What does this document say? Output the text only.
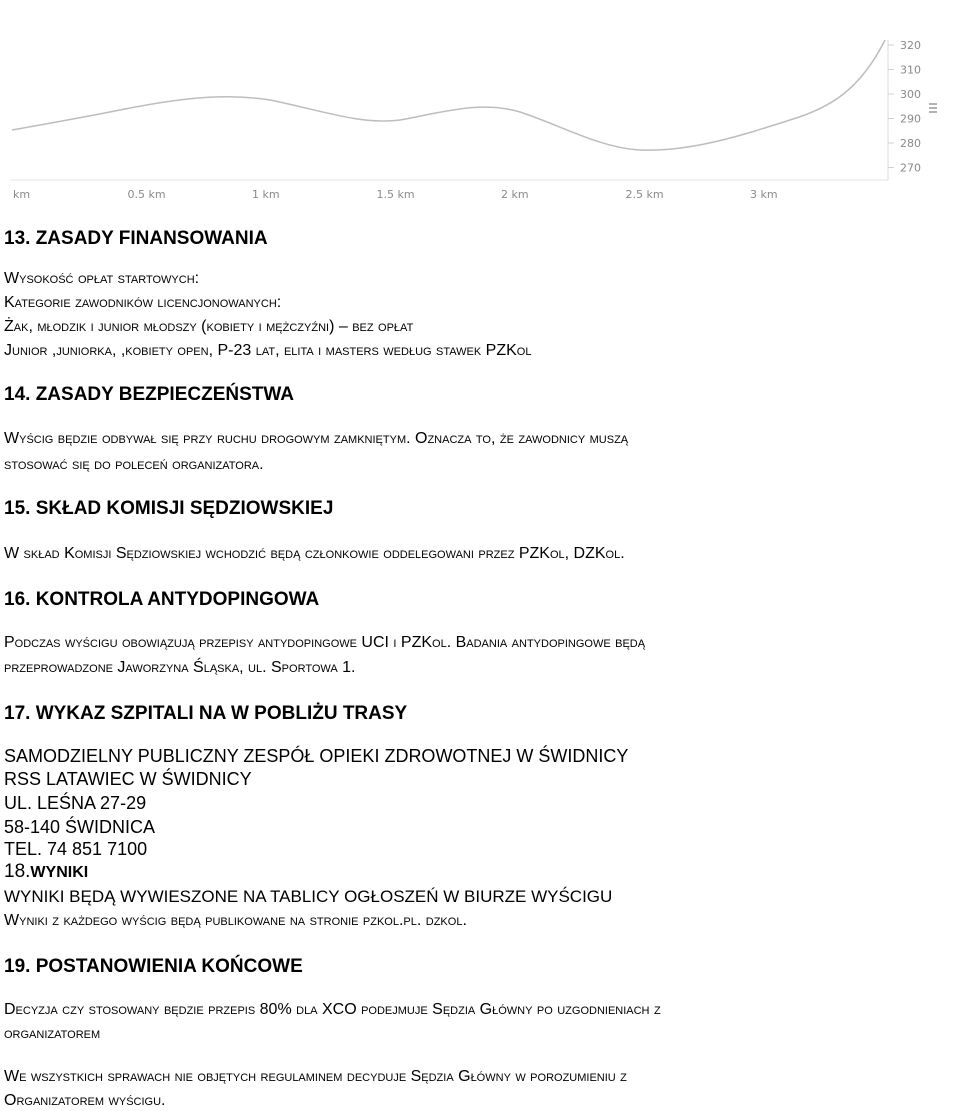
320
310
300
290
280
270
km	0.5 km	1 km	1.5 km	2 km	2.5 km	3 km
13. ZASADY FINANSOWANIA
Wysokość opłat startowych:
Kategorie zawodników licencjonowanych:
Żak, młodzik i junior młodszy (kobiety i mężczyźni) – bez opłat
Junior ,juniorka, ,kobiety open, P-23 lat, elita i masters według stawek PZKol
14. ZASADY BEZPIECZEŃSTWA
Wyścig będzie odbywał się przy ruchu drogowym zamkniętym. Oznacza to, że zawodnicy muszą
stosować się do poleceń organizatora.
15. SKŁAD KOMISJI SĘDZIOWSKIEJ
W skład Komisji Sędziowskiej wchodzić będą członkowie oddelegowani przez PZKol, DZKol.
16. KONTROLA ANTYDOPINGOWA
Podczas wyścigu obowiązują przepisy antydopingowe UCI i PZKol. Badania antydopingowe będą
przeprowadzone Jaworzyna Śląska, ul. Sportowa 1.
17. WYKAZ SZPITALI NA W POBLIŻU TRASY
SAMODZIELNY PUBLICZNY ZESPÓŁ OPIEKI ZDROWOTNEJ W ŚWIDNICY
RSS LATAWIEC W ŚWIDNICY
UL. LEŚNA 27-29
58-140 ŚWIDNICA
TEL. 74 851 7100
18.WYNIKI
WYNIKI BĘDĄ WYWIESZONE NA TABLICY OGŁOSZEŃ W BIURZE WYŚCIGU
Wyniki z każdego wyścig będą publikowane na stronie pzkol.pl. dzkol.
19. POSTANOWIENIA KOŃCOWE
Decyzja czy stosowany będzie przepis 80% dla XCO podejmuje Sędzia Główny po uzgodnieniach z
organizatorem
We wszystkich sprawach nie objętych regulaminem decyduje Sędzia Główny w porozumieniu z
Organizatorem wyścigu.
